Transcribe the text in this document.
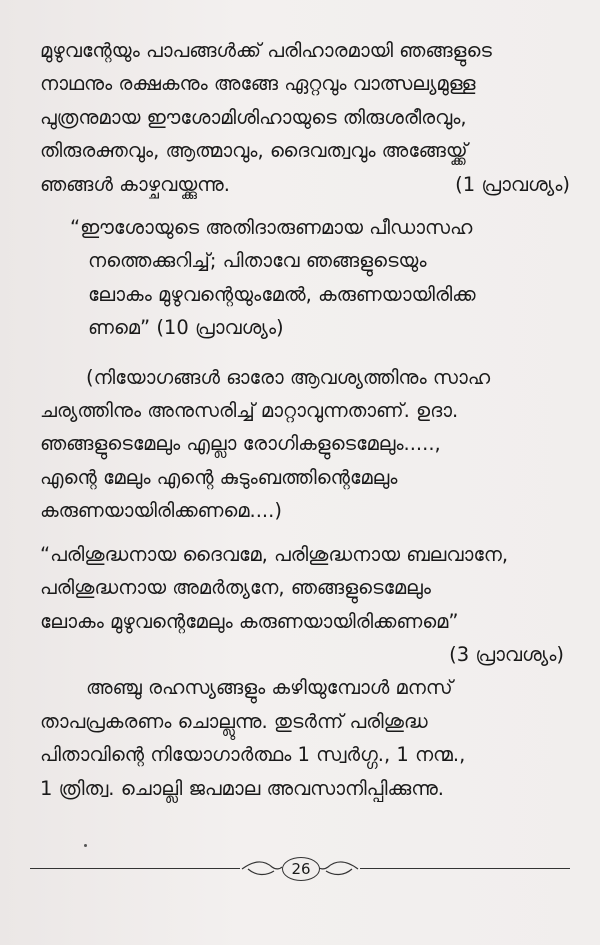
മുഴുവന്റേയും പാപങ്ങൾക്ക് പരിഹാരമായി ഞങ്ങളുടെ

നാഥനും രക്ഷകനും അങ്ങേ ഏറ്റവും വാത്സല്യമുള്ള

പുത്രനുമായ ഈശോമിശിഹായുടെ തിരുശരീരവും,

തിരുരക്തവും, ആത്മാവും, ദൈവത്വവും അങ്ങേയ്ക്ക്

ഞങ്ങൾ കാഴ്ചവയ്ക്കുന്നു.	(1 പ്രാവശ്യം)

“ഈശോയുടെ അതിദാരുണമായ പീഡാസഹ

നത്തെക്കുറിച്ച്; പിതാവേ ഞങ്ങളുടെയും

ലോകം മുഴുവന്റെയുംമേൽ, കരുണയായിരിക്ക

ണമെ” (10 പ്രാവശ്യം)

(നിയോഗങ്ങൾ ഓരോ ആവശ്യത്തിനും സാഹ

ചര്യത്തിനും അനുസരിച്ച് മാറ്റാവുന്നതാണ്. ഉദാ.

ഞങ്ങളുടെമേലും എല്ലാ രോഗികളുടെമേലും.....,

എന്റെ മേലും എന്റെ കുടുംബത്തിന്റെമേലും

കരുണയായിരിക്കണമെ....)

“പരിശുദ്ധനായ ദൈവമേ, പരിശുദ്ധനായ ബലവാനേ,

പരിശുദ്ധനായ അമർത്യനേ, ഞങ്ങളുടെമേലും

ലോകം മുഴുവന്റെമേലും കരുണയായിരിക്കണമെ”

(3 പ്രാവശ്യം)

അഞ്ചു രഹസ്യങ്ങളും കഴിയുമ്പോൾ മനസ്

താപപ്രകരണം ചൊല്ലുന്നു. തുടർന്ന് പരിശുദ്ധ

പിതാവിന്റെ നിയോഗാർത്ഥം 1 സ്വർഗ്ഗ., 1 നന്മ.,

1 ത്രിത്വ. ചൊല്ലി ജപമാല അവസാനിപ്പിക്കുന്നു.

26
